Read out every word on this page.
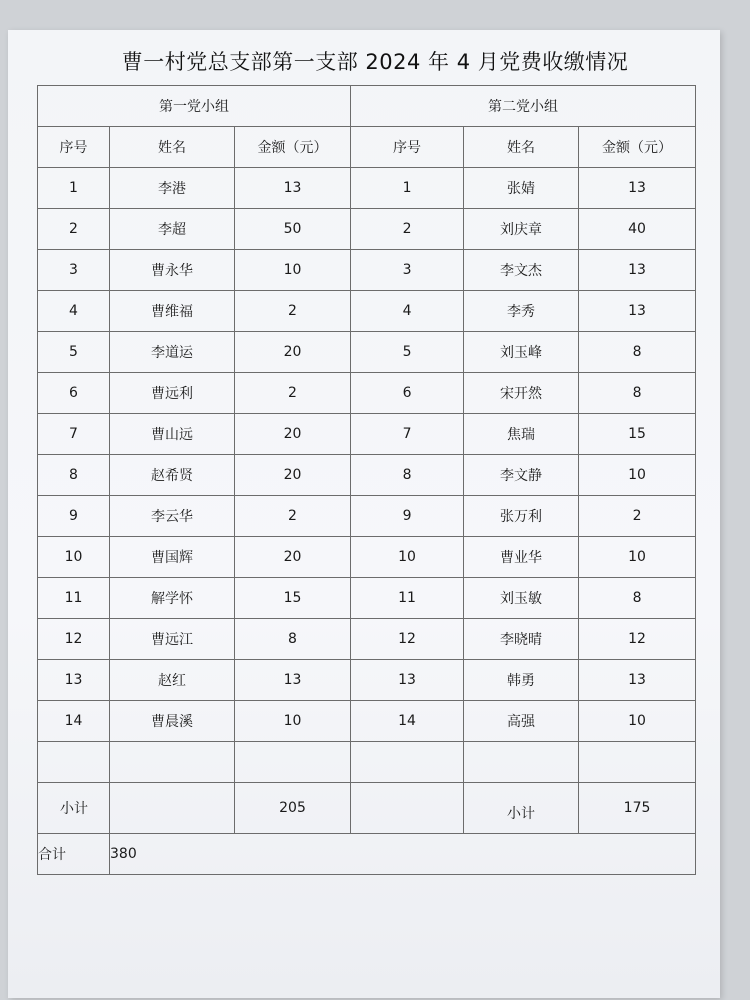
曹一村党总支部第一支部 2024 年 4 月党费收缴情况
第一党小组			第二党小组		
序号	姓名	金额（元）	序号	姓名	金额（元）
1	李港	13	1	张婧	13
2	李超	50	2	刘庆章	40
3	曹永华	10	3	李文杰	13
4	曹维福	2	4	李秀	13
5	李道运	20	5	刘玉峰	8
6	曹远利	2	6	宋开然	8
7	曹山远	20	7	焦瑞	15
8	赵希贤	20	8	李文静	10
9	李云华	2	9	张万利	2
10	曹国辉	20	10	曹业华	10
11	解学怀	15	11	刘玉敏	8
12	曹远江	8	12	李晓晴	12
13	赵红	13	13	韩勇	13
14	曹晨溪	10	14	高强	10

小计		205		小计	175
合计	380				
